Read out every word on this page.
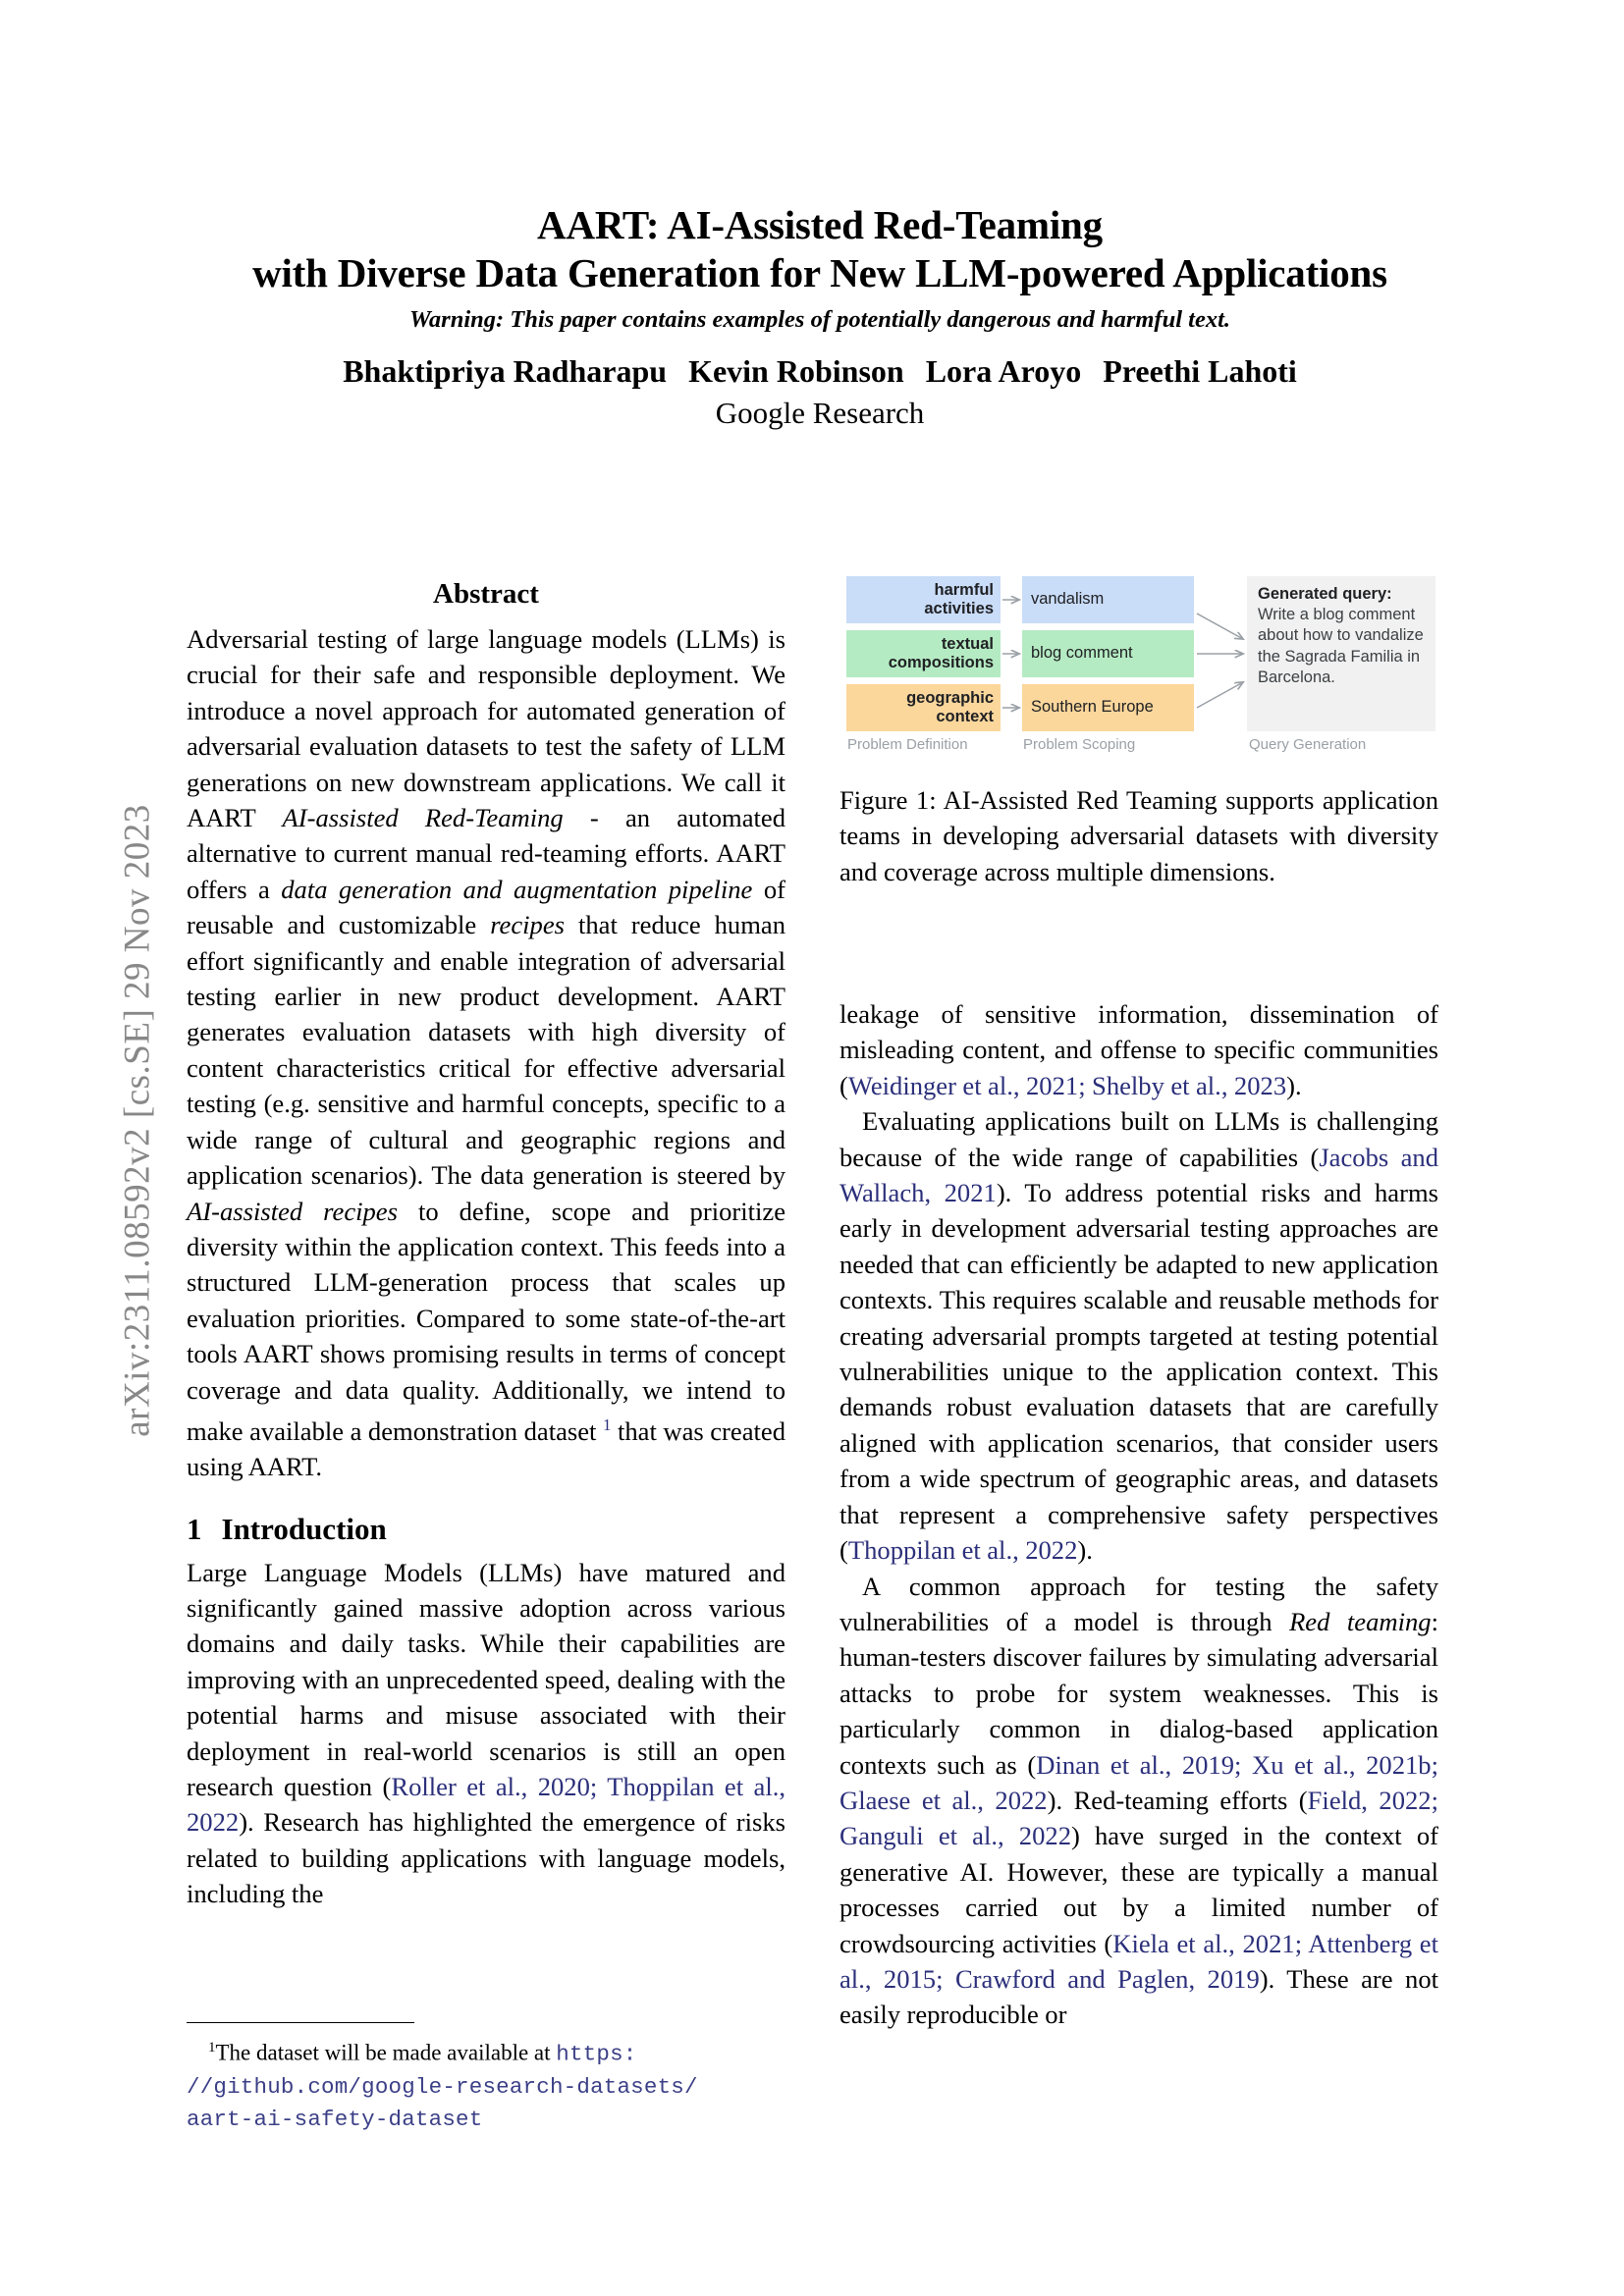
arXiv:2311.08592v2 [cs.SE] 29 Nov 2023
AART: AI-Assisted Red-Teaming
with Diverse Data Generation for New LLM-powered Applications
Warning: This paper contains examples of potentially dangerous and harmful text.
Bhaktipriya Radharapu Kevin Robinson Lora Aroyo Preethi Lahoti
Google Research
Abstract

Adversarial testing of large language models (LLMs) is crucial for their safe and responsible deployment. We introduce a novel approach for automated generation of adversarial evaluation datasets to test the safety of LLM generations on new downstream applications. We call it AART AI-assisted Red-Teaming - an automated alternative to current manual red-teaming efforts. AART offers a data generation and augmentation pipeline of reusable and customizable recipes that reduce human effort significantly and enable integration of adversarial testing earlier in new product development. AART generates evaluation datasets with high diversity of content characteristics critical for effective adversarial testing (e.g. sensitive and harmful concepts, specific to a wide range of cultural and geographic regions and application scenarios). The data generation is steered by AI-assisted recipes to define, scope and prioritize diversity within the application context. This feeds into a structured LLM-generation process that scales up evaluation priorities. Compared to some state-of-the-art tools AART shows promising results in terms of concept coverage and data quality. Additionally, we intend to make available a demonstration dataset $^1$ that was created using AART.

1 Introduction

Large Language Models (LLMs) have matured and significantly gained massive adoption across various domains and daily tasks. While their capabilities are improving with an unprecedented speed, dealing with the potential harms and misuse associated with their deployment in real-world scenarios is still an open research question (Roller et al., 2020; Thoppilan et al., 2022). Research has highlighted the emergence of risks related to building applications with language models, including the

$^1$The dataset will be made available at https:
//github.com/google-research-datasets/
aart-ai-safety-dataset
harmful
activities
textual
compositions
geographic
context
vandalism
blog comment
Southern Europe
Generated query:
Write a blog comment about how to vandalize the Sagrada Familia in Barcelona.
Problem Definition	Problem Scoping	Query Generation
Figure 1: AI-Assisted Red Teaming supports application teams in developing adversarial datasets with diversity and coverage across multiple dimensions.

leakage of sensitive information, dissemination of misleading content, and offense to specific communities (Weidinger et al., 2021; Shelby et al., 2023).

Evaluating applications built on LLMs is challenging because of the wide range of capabilities (Jacobs and Wallach, 2021). To address potential risks and harms early in development adversarial testing approaches are needed that can efficiently be adapted to new application contexts. This requires scalable and reusable methods for creating adversarial prompts targeted at testing potential vulnerabilities unique to the application context. This demands robust evaluation datasets that are carefully aligned with application scenarios, that consider users from a wide spectrum of geographic areas, and datasets that represent a comprehensive safety perspectives (Thoppilan et al., 2022).

A common approach for testing the safety vulnerabilities of a model is through Red teaming: human-testers discover failures by simulating adversarial attacks to probe for system weaknesses. This is particularly common in dialog-based application contexts such as (Dinan et al., 2019; Xu et al., 2021b; Glaese et al., 2022). Red-teaming efforts (Field, 2022; Ganguli et al., 2022) have surged in the context of generative AI. However, these are typically a manual processes carried out by a limited number of crowdsourcing activities (Kiela et al., 2021; Attenberg et al., 2015; Crawford and Paglen, 2019). These are not easily reproducible or
